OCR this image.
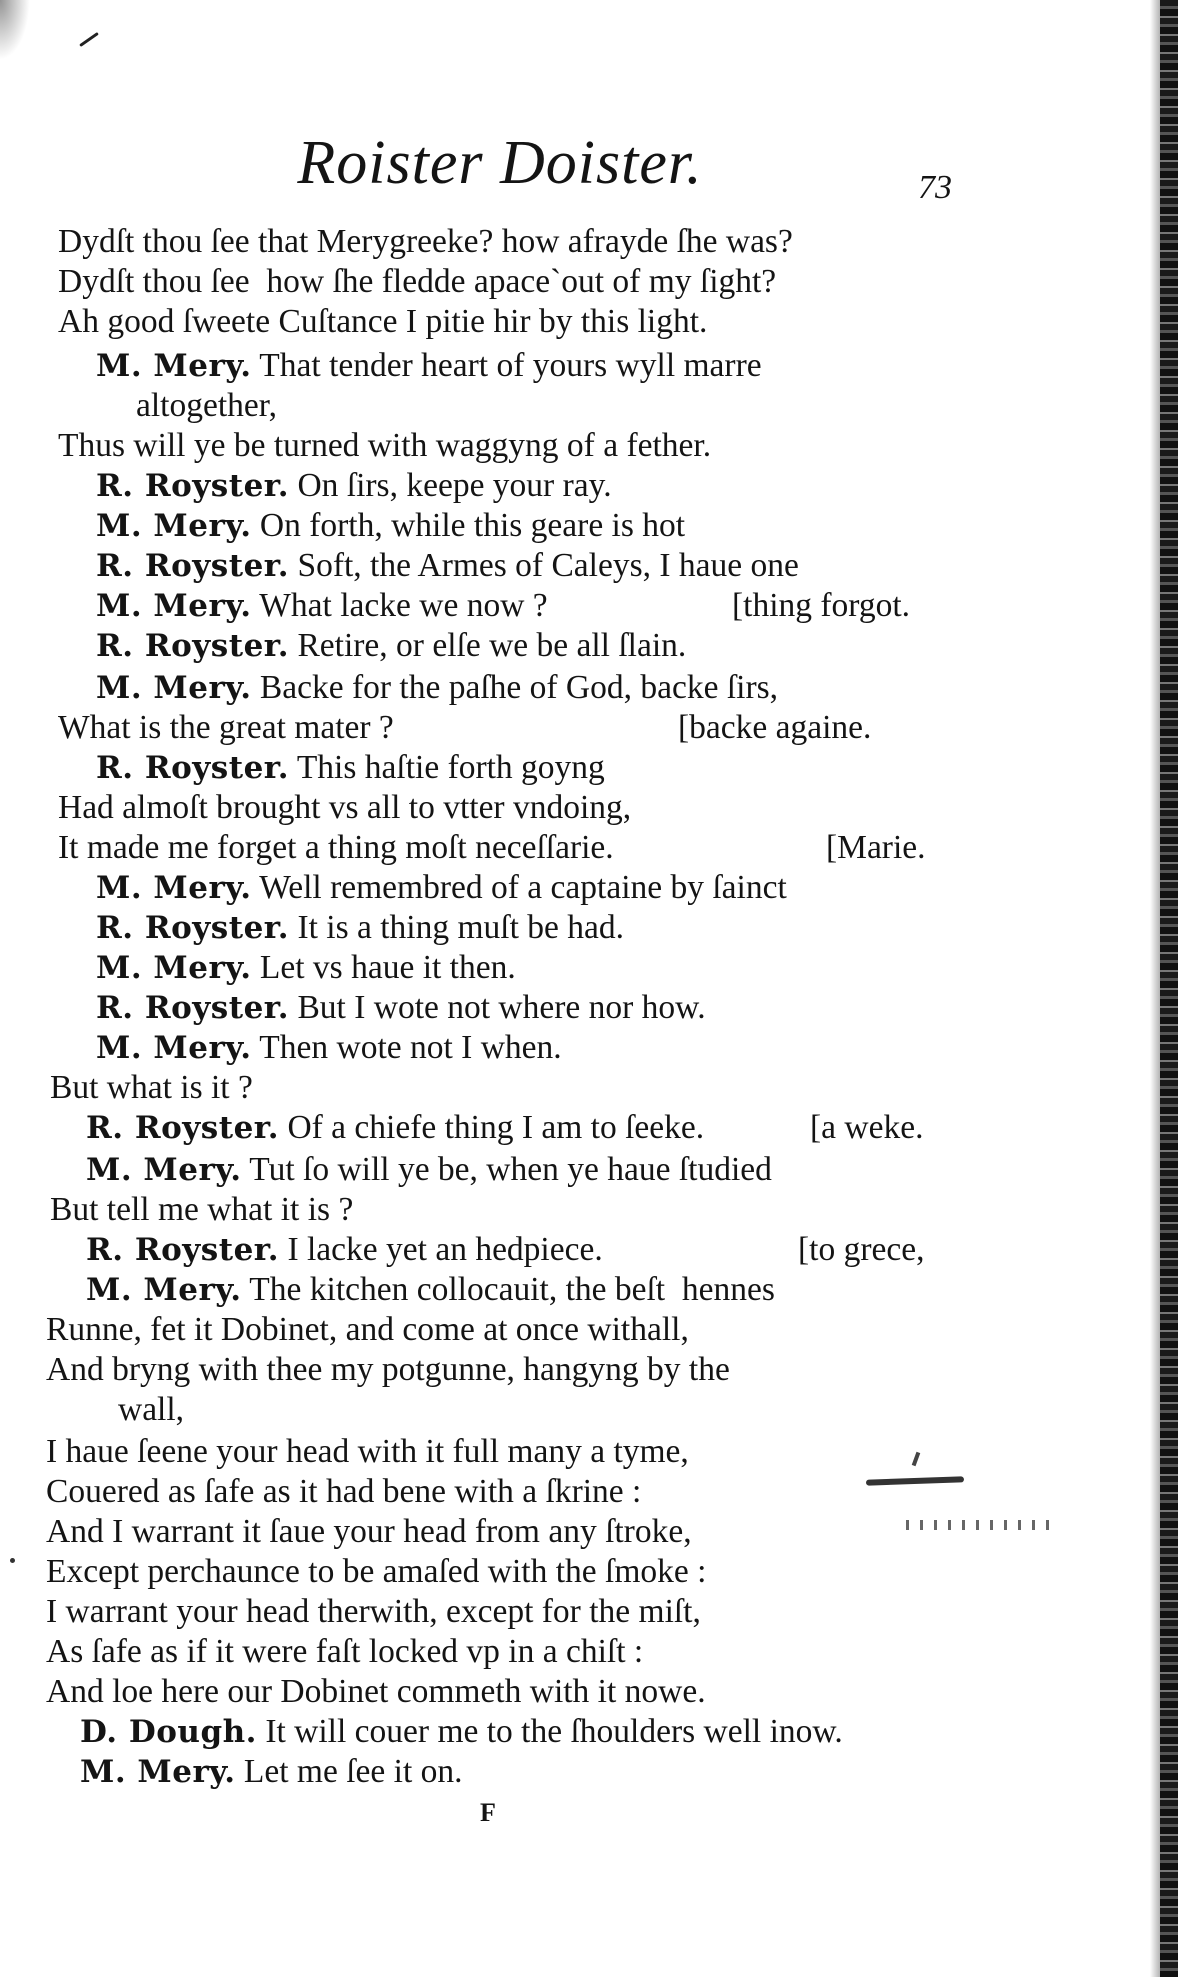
Roister Doister.	73
Dydſt thou ſee that Merygreeke? how afrayde ſhe was?
Dydſt thou ſee  how ſhe fledde apace`out of my ſight?
Ah good ſweete Cuſtance I pitie hir by this light.
M. Mery. That tender heart of yours wyll marre
altogether,
Thus will ye be turned with waggyng of a fether.
R. Royster. On ſirs, keepe your ray.
M. Mery. On forth, while this geare is hot
R. Royster. Soft, the Armes of Caleys, I haue one
M. Mery. What lacke we now ?	[thing forgot.
R. Royster. Retire, or elſe we be all ſlain.
M. Mery. Backe for the paſhe of God, backe ſirs,
What is the great mater ?	[backe againe.
R. Royster. This haſtie forth goyng
Had almoſt brought vs all to vtter vndoing,
It made me forget a thing moſt neceſſarie.	[Marie.
M. Mery. Well remembred of a captaine by ſainct
R. Royster. It is a thing muſt be had.
M. Mery. Let vs haue it then.
R. Royster. But I wote not where nor how.
M. Mery. Then wote not I when.
But what is it ?
R. Royster. Of a chiefe thing I am to ſeeke.	[a weke.
M. Mery. Tut ſo will ye be, when ye haue ſtudied
But tell me what it is ?
R. Royster. I lacke yet an hedpiece.	[to grece,
M. Mery. The kitchen collocauit, the beſt  hennes
Runne, fet it Dobinet, and come at once withall,
And bryng with thee my potgunne, hangyng by the
wall,
I haue ſeene your head with it full many a tyme,
Couered as ſafe as it had bene with a ſkrine :
And I warrant it ſaue your head from any ſtroke,
Except perchaunce to be amaſed with the ſmoke :
I warrant your head therwith, except for the miſt,
As ſafe as if it were faſt locked vp in a chiſt :
And loe here our Dobinet commeth with it nowe.
D. Dough. It will couer me to the ſhoulders well inow.
M. Mery. Let me ſee it on.
F
